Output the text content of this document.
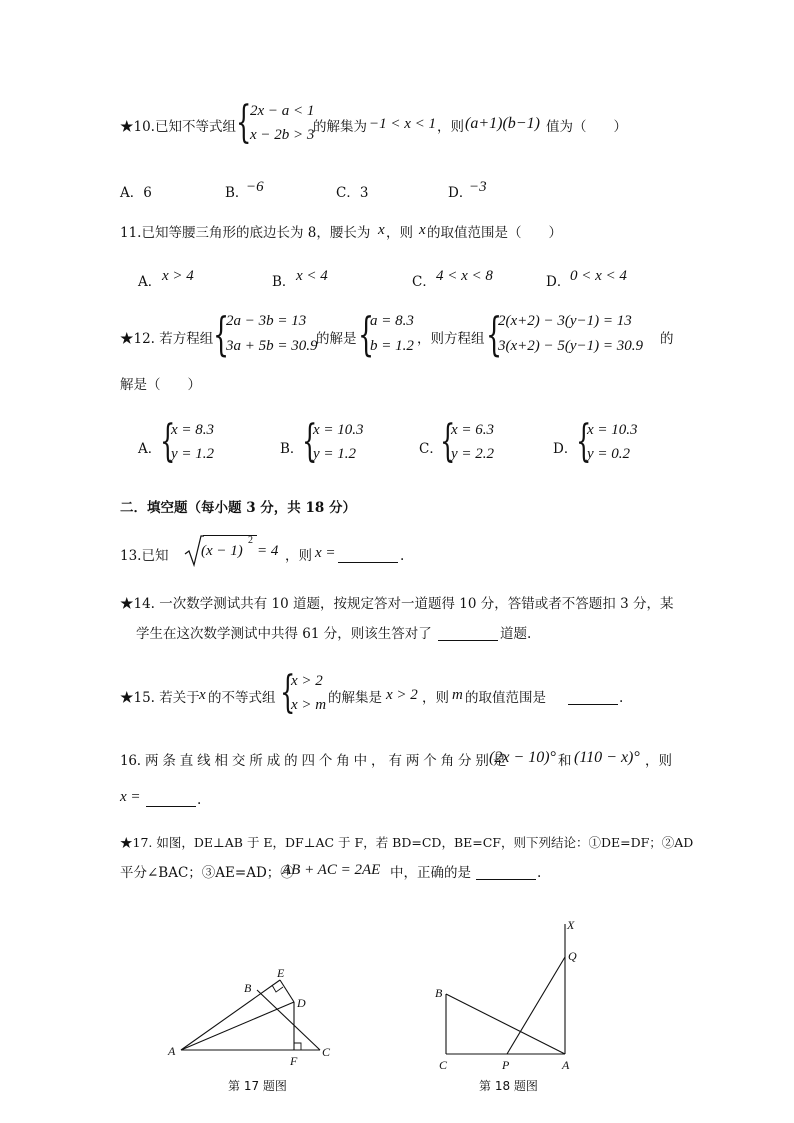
★10.已知不等式组 {
2x − a < 1
x − 2b > 3
的解集为 −1 < x < 1 ，则 (a+1)(b−1) 值为（　　）
A．6	B．
−6	C．3	D．
−3
11.已知等腰三角形的底边长为 8，腰长为 x ，则 x 的取值范围是（　　）
A． x > 4	B． x < 4	C． 4 < x < 8	D． 0 < x < 4
★12. 若方程组 {
2a − 3b = 13
3a + 5b = 30.9
的解是 {
a = 8.3
b = 1.2 ，则方程组 {
2(x+2) − 3(y−1) = 13
3(x+2) − 5(y−1) = 30.9 的
解是（　　）
A．
{
x = 8.3
y = 1.2	B．
{
x = 10.3
y = 1.2	C．
{
x = 6.3
y = 2.2	D．
{
x = 10.3
y = 0.2
二．填空题（每小题 3 分，共 18 分）
13.已知 (x − 1)
2
= 4 ，则 x =	.
★14. 一次数学测试共有 10 道题，按规定答对一道题得 10 分，答错或者不答题扣 3 分，某
学生在这次数学测试中共得 61 分，则该生答对了	道题.
★15. 若关于 x 的不等式组 {
x > 2
x > m 的解集是 x > 2 ，则 m 的取值范围是	.
16. 两 条 直 线 相 交 所 成 的 四 个 角 中 ， 有 两 个 角 分 别 是
(2x − 10)° 和 (110 − x)° ，则
x =	.
★17. 如图，DE⊥AB 于 E，DF⊥AC 于 F，若 BD=CD，BE=CF，则下列结论：①DE=DF；②AD
平分∠BAC；③AE=AD；④
AB + AC = 2AE 中，正确的是	.
A
B
C
D
E
F
第 17 题图
X
Q
B
C	P	A
第 18 题图
